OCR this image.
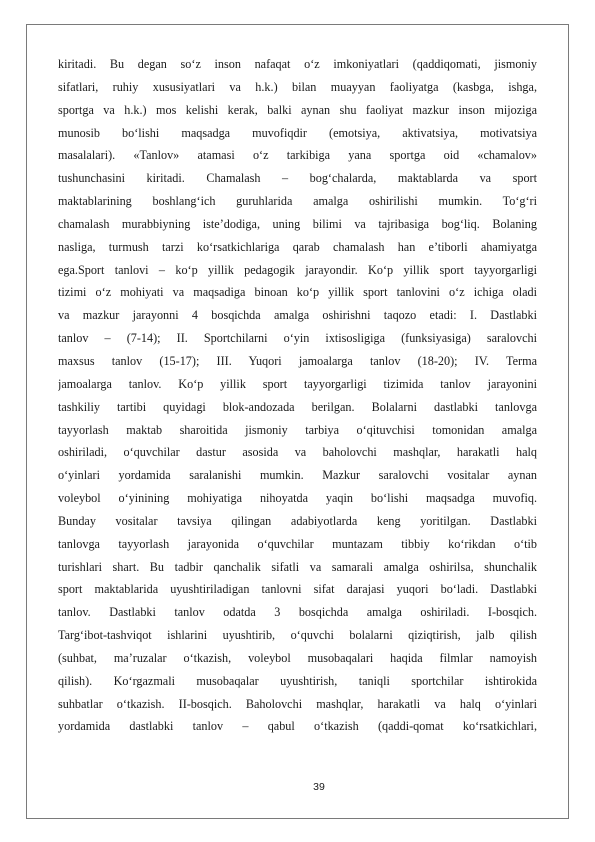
kiritadi. Bu degan so‘z inson nafaqat o‘z imkoniyatlari (qaddiqomati, jismoniy
sifatlari, ruhiy xususiyatlari va h.k.) bilan muayyan faoliyatga (kasbga, ishga,
sportga va h.k.) mos kelishi kerak, balki aynan shu faoliyat mazkur inson mijoziga
munosib bo‘lishi maqsadga muvofiqdir (emotsiya, aktivatsiya, motivatsiya
masalalari). «Tanlov» atamasi o‘z tarkibiga yana sportga oid «chamalov»
tushunchasini kiritadi. Chamalash – bog‘chalarda, maktablarda va sport
maktablarining boshlang‘ich guruhlarida amalga oshirilishi mumkin. To‘g‘ri
chamalash murabbiyning iste’dodiga, uning bilimi va tajribasiga bog‘liq. Bolaning
nasliga, turmush tarzi ko‘rsatkichlariga qarab chamalash han e’tiborli ahamiyatga
ega.Sport tanlovi – ko‘p yillik pedagogik jarayondir. Ko‘p yillik sport tayyorgarligi
tizimi o‘z mohiyati va maqsadiga binoan ko‘p yillik sport tanlovini o‘z ichiga oladi
va mazkur jarayonni 4 bosqichda amalga oshirishni taqozo etadi: I. Dastlabki
tanlov – (7-14); II. Sportchilarni o‘yin ixtisosligiga (funksiyasiga) saralovchi
maxsus tanlov (15-17); III. Yuqori jamoalarga tanlov (18-20); IV. Terma
jamoalarga tanlov. Ko‘p yillik sport tayyorgarligi tizimida tanlov jarayonini
tashkiliy tartibi quyidagi blok-andozada berilgan. Bolalarni dastlabki tanlovga
tayyorlash maktab sharoitida jismoniy tarbiya o‘qituvchisi tomonidan amalga
oshiriladi, o‘quvchilar dastur asosida va baholovchi mashqlar, harakatli halq
o‘yinlari yordamida saralanishi mumkin. Mazkur saralovchi vositalar aynan
voleybol o‘yinining mohiyatiga nihoyatda yaqin bo‘lishi maqsadga muvofiq.
Bunday vositalar tavsiya qilingan adabiyotlarda keng yoritilgan. Dastlabki
tanlovga tayyorlash jarayonida o‘quvchilar muntazam tibbiy ko‘rikdan o‘tib
turishlari shart. Bu tadbir qanchalik sifatli va samarali amalga oshirilsa, shunchalik
sport maktablarida uyushtiriladigan tanlovni sifat darajasi yuqori bo‘ladi. Dastlabki
tanlov. Dastlabki tanlov odatda 3 bosqichda amalga oshiriladi. I-bosqich.
Targ‘ibot-tashviqot ishlarini uyushtirib, o‘quvchi bolalarni qiziqtirish, jalb qilish
(suhbat, ma’ruzalar o‘tkazish, voleybol musobaqalari haqida filmlar namoyish
qilish). Ko‘rgazmali musobaqalar uyushtirish, taniqli sportchilar ishtirokida
suhbatlar o‘tkazish. II-bosqich. Baholovchi mashqlar, harakatli va halq o‘yinlari
yordamida dastlabki tanlov – qabul o‘tkazish (qaddi-qomat ko‘rsatkichlari,
39
